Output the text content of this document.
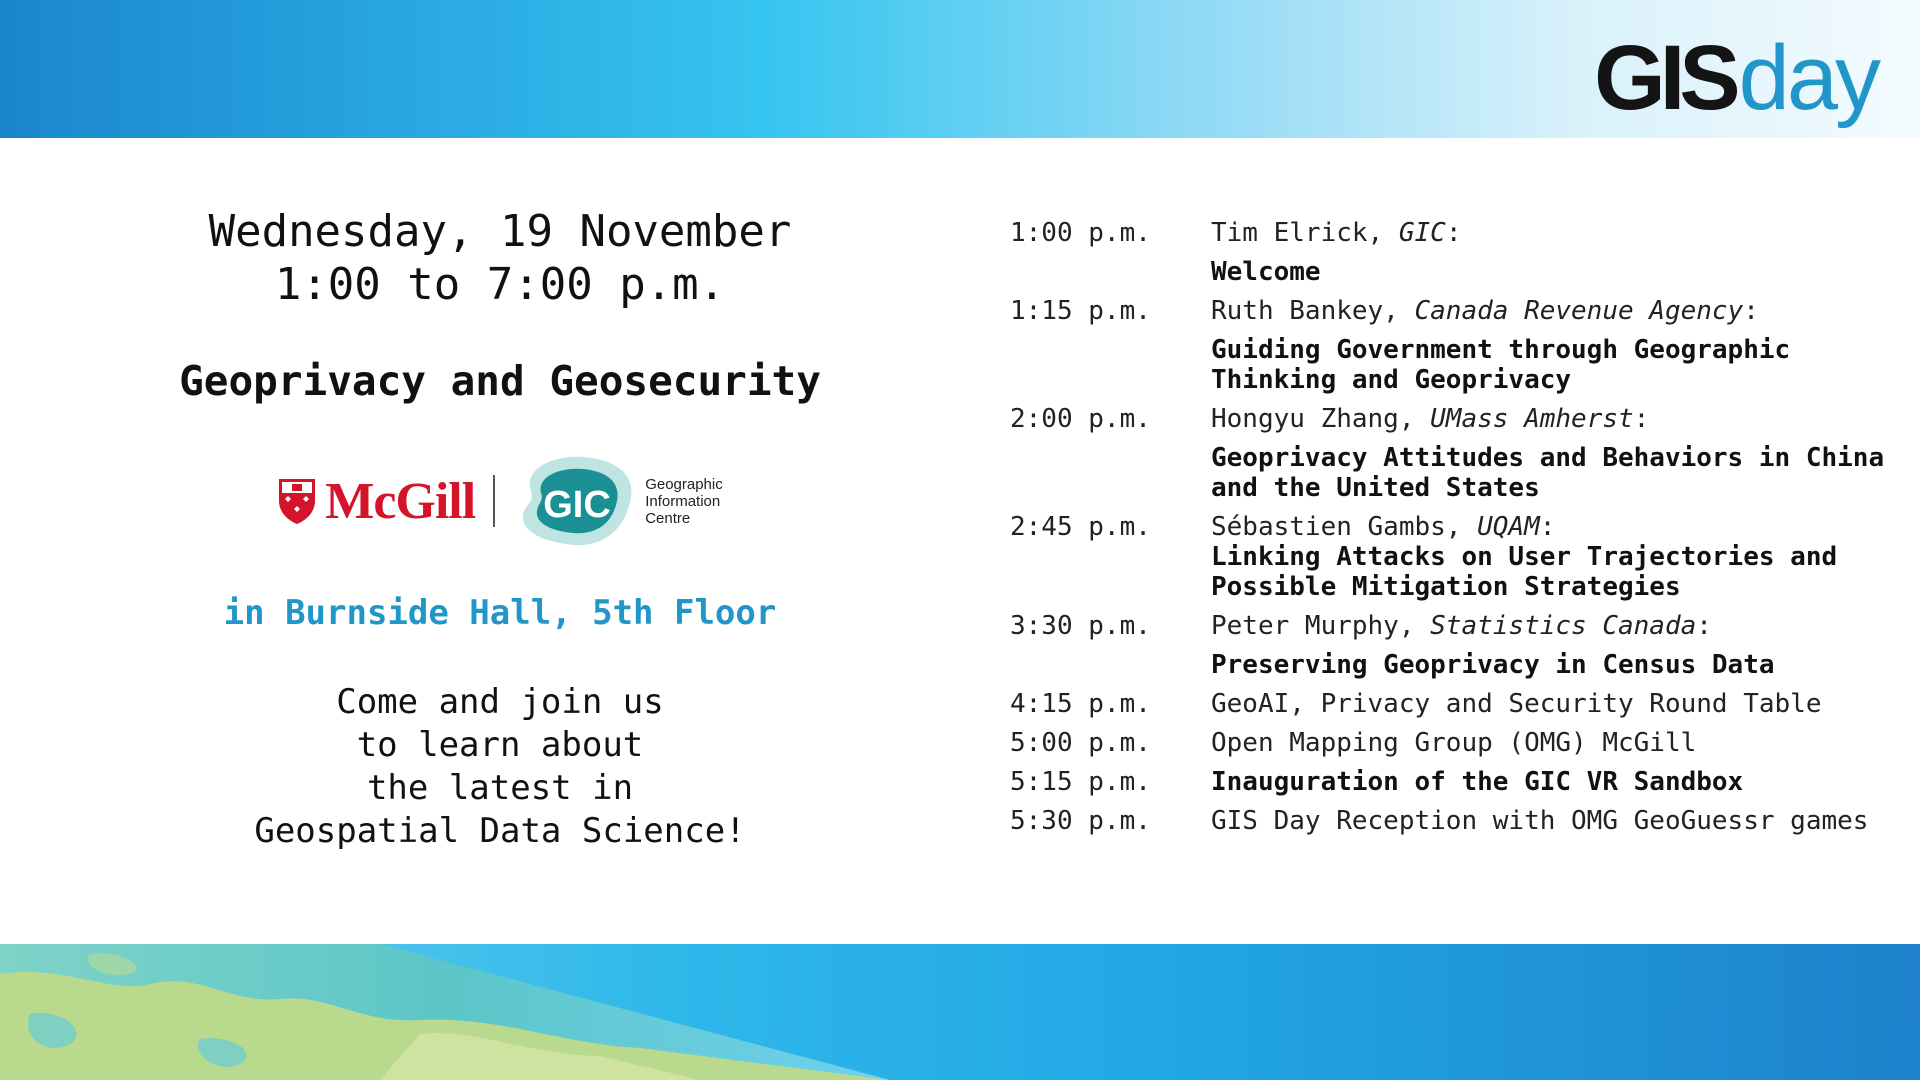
GIS day
Wednesday, 19 November
1:00 to 7:00 p.m.
Geoprivacy and Geosecurity
McGill GIC Geographic
Information
Centre
in Burnside Hall, 5th Floor
Come and join us
to learn about
the latest in
Geospatial Data Science!
1:00 p.m.	Tim Elrick, GIC:
Welcome
1:15 p.m.	Ruth Bankey, Canada Revenue Agency:
Guiding Government through Geographic
Thinking and Geoprivacy
2:00 p.m.	Hongyu Zhang, UMass Amherst:
Geoprivacy Attitudes and Behaviors in China
and the United States
2:45 p.m.	Sébastien Gambs, UQAM:
Linking Attacks on User Trajectories and
Possible Mitigation Strategies
3:30 p.m.	Peter Murphy, Statistics Canada:
Preserving Geoprivacy in Census Data
4:15 p.m.	GeoAI, Privacy and Security Round Table
5:00 p.m.	Open Mapping Group (OMG) McGill
5:15 p.m.	Inauguration of the GIC VR Sandbox
5:30 p.m.	GIS Day Reception with OMG GeoGuessr games
